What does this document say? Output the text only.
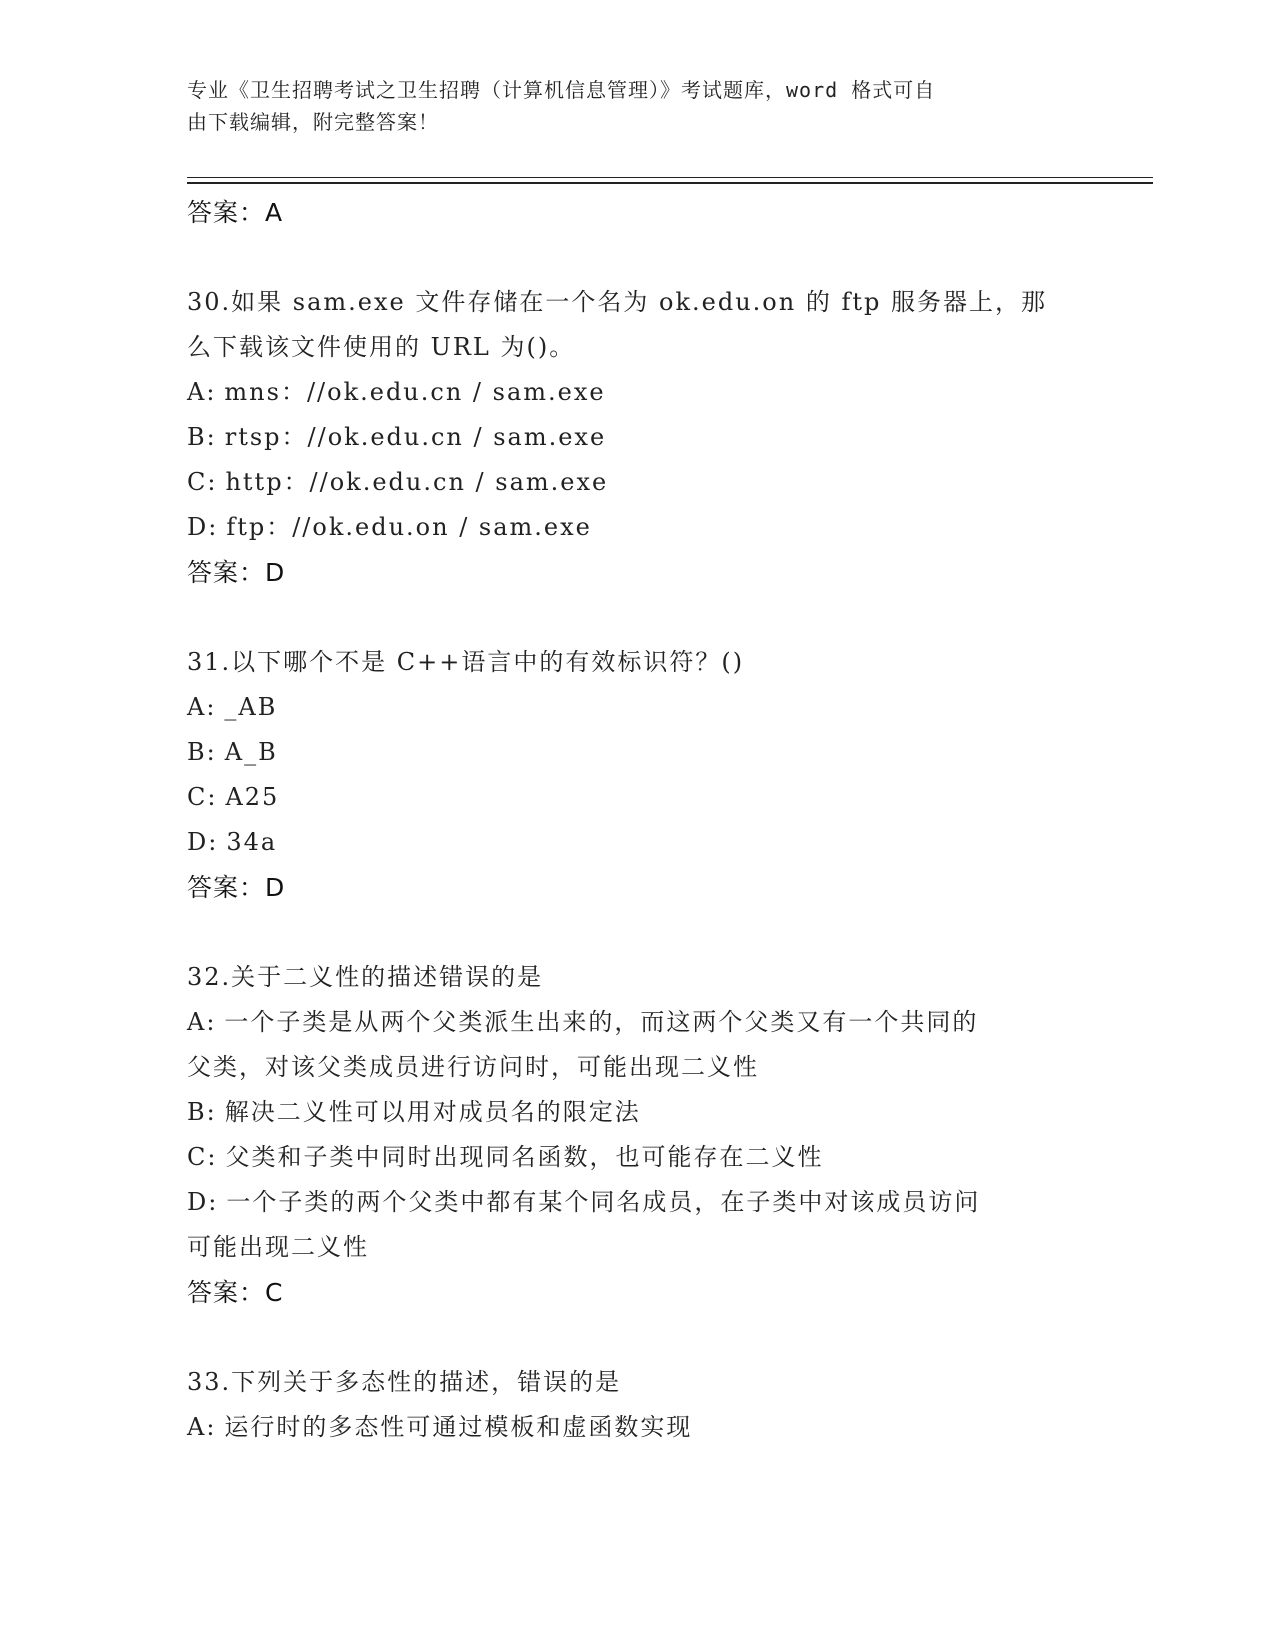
专业《卫生招聘考试之卫生招聘（计算机信息管理）》考试题库，word 格式可自
由下载编辑，附完整答案！
答案：A
30.如果 sam.exe 文件存储在一个名为 ok.edu.on 的 ftp 服务器上，那
么下载该文件使用的 URL 为()。
A: mns：//ok.edu.cn / sam.exe
B: rtsp：//ok.edu.cn / sam.exe
C: http：//ok.edu.cn / sam.exe
D: ftp：//ok.edu.on / sam.exe
答案：D
31.以下哪个不是 C++语言中的有效标识符？()
A: _AB
B: A_B
C: A25
D: 34a
答案：D
32.关于二义性的描述错误的是
A: 一个子类是从两个父类派生出来的，而这两个父类又有一个共同的
父类，对该父类成员进行访问时，可能出现二义性
B: 解决二义性可以用对成员名的限定法
C: 父类和子类中同时出现同名函数，也可能存在二义性
D: 一个子类的两个父类中都有某个同名成员，在子类中对该成员访问
可能出现二义性
答案：C
33.下列关于多态性的描述，错误的是
A: 运行时的多态性可通过模板和虚函数实现
